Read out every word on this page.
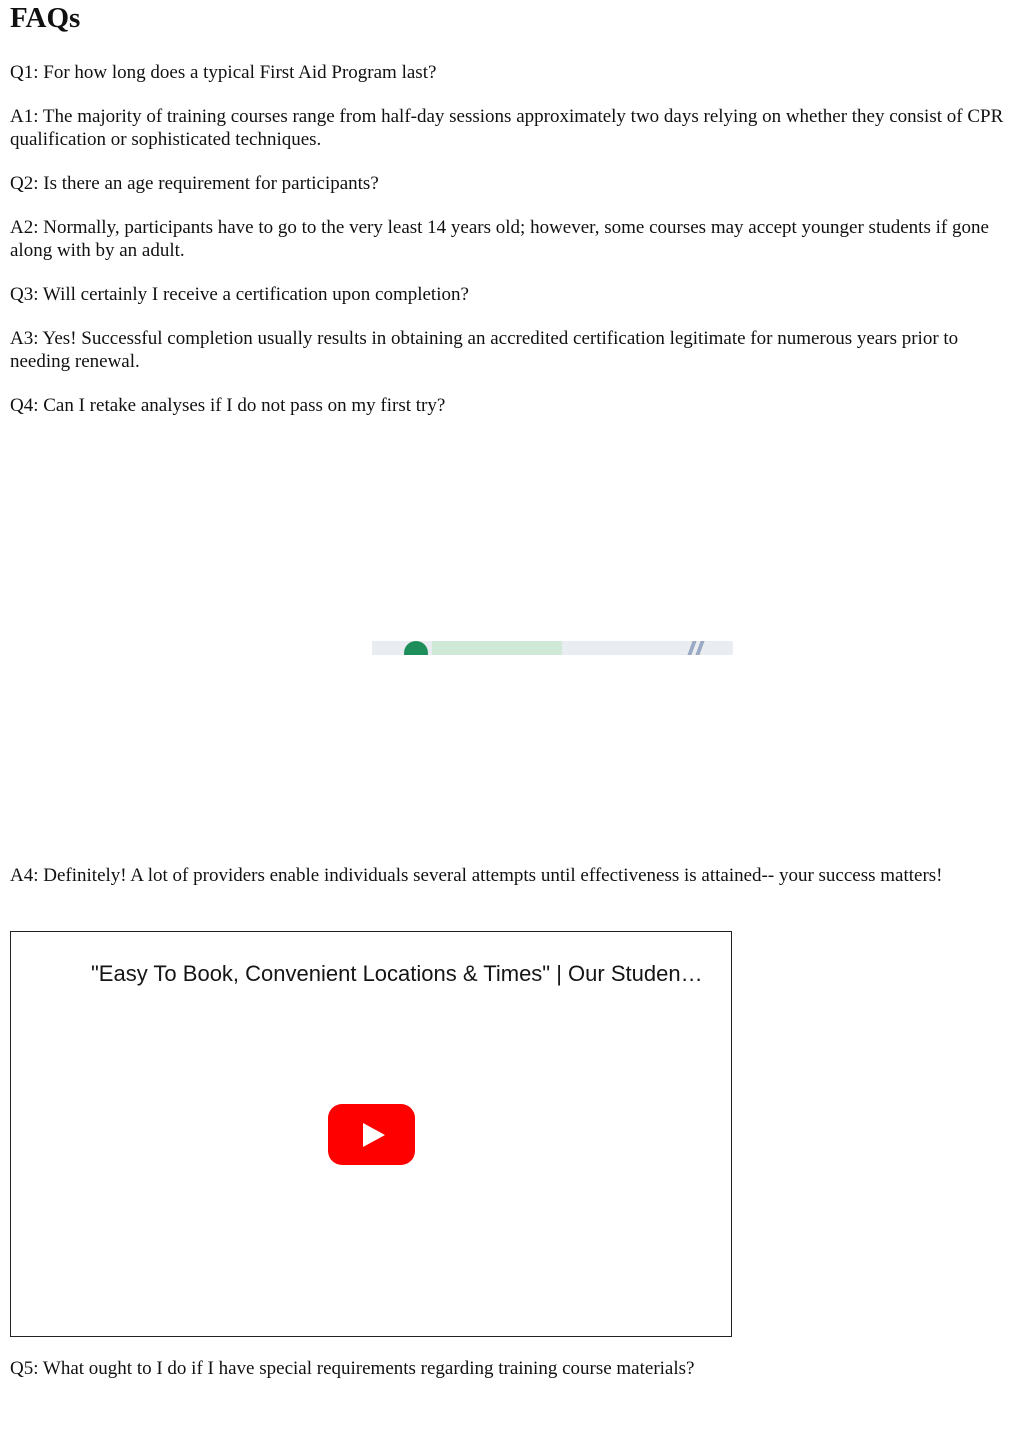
FAQs

Q1: For how long does a typical First Aid Program last?

A1: The majority of training courses range from half-day sessions approximately two days relying on whether they consist of CPR qualification or sophisticated techniques.

Q2: Is there an age requirement for participants?

A2: Normally, participants have to go to the very least 14 years old; however, some courses may accept younger students if gone along with by an adult.

Q3: Will certainly I receive a certification upon completion?

A3: Yes! Successful completion usually results in obtaining an accredited certification legitimate for numerous years prior to needing renewal.

Q4: Can I retake analyses if I do not pass on my first try?

A4: Definitely! A lot of providers enable individuals several attempts until effectiveness is attained-- your success matters!

"Easy To Book, Convenient Locations & Times" | Our Studen…

Q5: What ought to I do if I have special requirements regarding training course materials?
